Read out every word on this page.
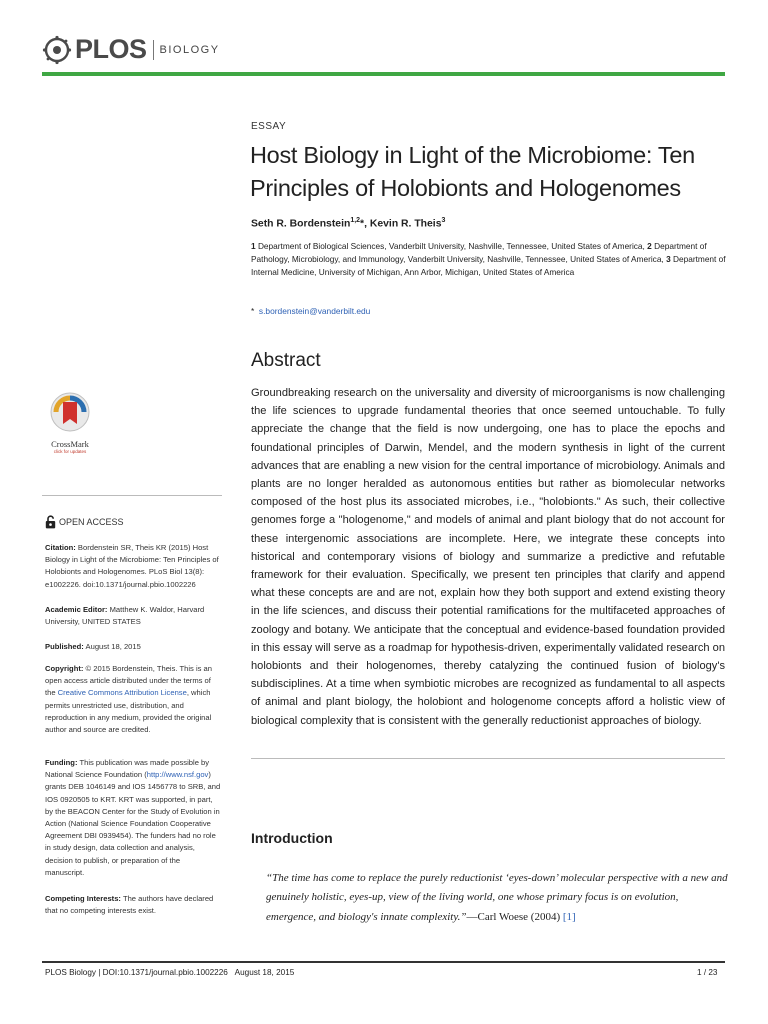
PLOS BIOLOGY
ESSAY
Host Biology in Light of the Microbiome: Ten Principles of Holobionts and Hologenomes
Seth R. Bordenstein$^{1,2}$*, Kevin R. Theis$^3$
1 Department of Biological Sciences, Vanderbilt University, Nashville, Tennessee, United States of America, 2 Department of Pathology, Microbiology, and Immunology, Vanderbilt University, Nashville, Tennessee, United States of America, 3 Department of Internal Medicine, University of Michigan, Ann Arbor, Michigan, United States of America
* s.bordenstein@vanderbilt.edu
Abstract

Groundbreaking research on the universality and diversity of microorganisms is now challenging the life sciences to upgrade fundamental theories that once seemed untouchable. To fully appreciate the change that the field is now undergoing, one has to place the epochs and foundational principles of Darwin, Mendel, and the modern synthesis in light of the current advances that are enabling a new vision for the central importance of microbiology. Animals and plants are no longer heralded as autonomous entities but rather as biomolecular networks composed of the host plus its associated microbes, i.e., "holobionts." As such, their collective genomes forge a "hologenome," and models of animal and plant biology that do not account for these intergenomic associations are incomplete. Here, we integrate these concepts into historical and contemporary visions of biology and summarize a predictive and refutable framework for their evaluation. Specifically, we present ten principles that clarify and append what these concepts are and are not, explain how they both support and extend existing theory in the life sciences, and discuss their potential ramifications for the multifaceted approaches of zoology and botany. We anticipate that the conceptual and evidence-based foundation provided in this essay will serve as a roadmap for hypothesis-driven, experimentally validated research on holobionts and their hologenomes, thereby catalyzing the continued fusion of biology's subdisciplines. At a time when symbiotic microbes are recognized as fundamental to all aspects of animal and plant biology, the holobiont and hologenome concepts afford a holistic view of biological complexity that is consistent with the generally reductionist approaches of biology.

Introduction

“The time has come to replace the purely reductionist ‘eyes-down’ molecular perspective with a new and genuinely holistic, eyes-up, view of the living world, one whose primary focus is on evolution, emergence, and biology's innate complexity.”—Carl Woese (2004) [1]

CrossMark
click for updates
OPEN ACCESS

Citation: Bordenstein SR, Theis KR (2015) Host Biology in Light of the Microbiome: Ten Principles of Holobionts and Hologenomes. PLoS Biol 13(8): e1002226. doi:10.1371/journal.pbio.1002226

Academic Editor: Matthew K. Waldor, Harvard University, UNITED STATES

Published: August 18, 2015

Copyright: © 2015 Bordenstein, Theis. This is an open access article distributed under the terms of the Creative Commons Attribution License, which permits unrestricted use, distribution, and reproduction in any medium, provided the original author and source are credited.

Funding: This publication was made possible by National Science Foundation (http://www.nsf.gov) grants DEB 1046149 and IOS 1456778 to SRB, and IOS 0920505 to KRT. KRT was supported, in part, by the BEACON Center for the Study of Evolution in Action (National Science Foundation Cooperative Agreement DBI 0939454). The funders had no role in study design, data collection and analysis, decision to publish, or preparation of the manuscript.

Competing Interests: The authors have declared that no competing interests exist.

PLOS Biology | DOI:10.1371/journal.pbio.1002226 August 18, 2015	1 / 23
